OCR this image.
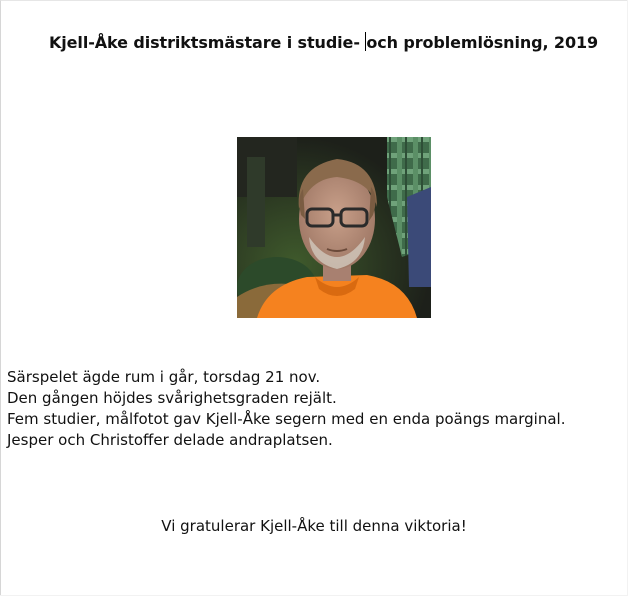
Kjell-Åke distriktsmästare i studie- och problemlösning, 2019
Särspelet ägde rum i går, torsdag 21 nov.
Den gången höjdes svårighetsgraden rejält.
Fem studier, målfotot gav Kjell-Åke segern med en enda poängs marginal.
Jesper och Christoffer delade andraplatsen.
Vi gratulerar Kjell-Åke till denna viktoria!
